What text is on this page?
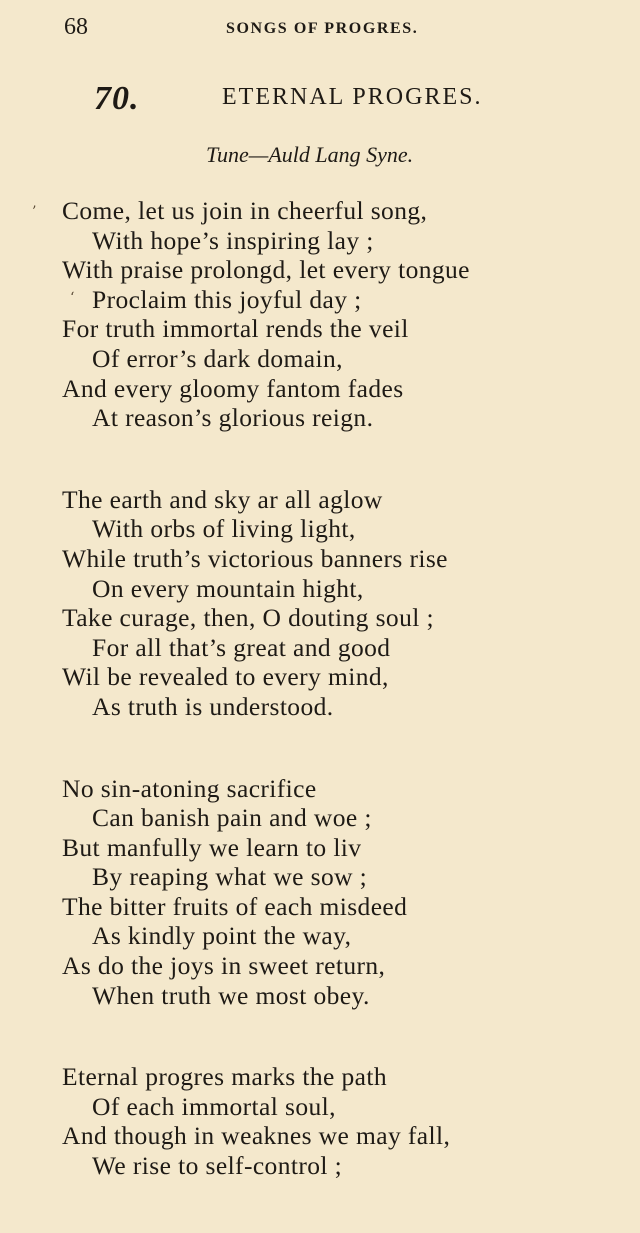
68	SONGS OF PROGRES.
70.	ETERNAL PROGRES.
Tune—Auld Lang Syne.
’
‘
Come, let us join in cheerful song,
With hope’s inspiring lay ;
With praise prolongd, let every tongue
Proclaim this joyful day ;
For truth immortal rends the veil
Of error’s dark domain,
And every gloomy fantom fades
At reason’s glorious reign.
The earth and sky ar all aglow
With orbs of living light,
While truth’s victorious banners rise
On every mountain hight,
Take curage, then, O douting soul ;
For all that’s great and good
Wil be revealed to every mind,
As truth is understood.
No sin-atoning sacrifice
Can banish pain and woe ;
But manfully we learn to liv
By reaping what we sow ;
The bitter fruits of each misdeed
As kindly point the way,
As do the joys in sweet return,
When truth we most obey.
Eternal progres marks the path
Of each immortal soul,
And though in weaknes we may fall,
We rise to self-control ;
